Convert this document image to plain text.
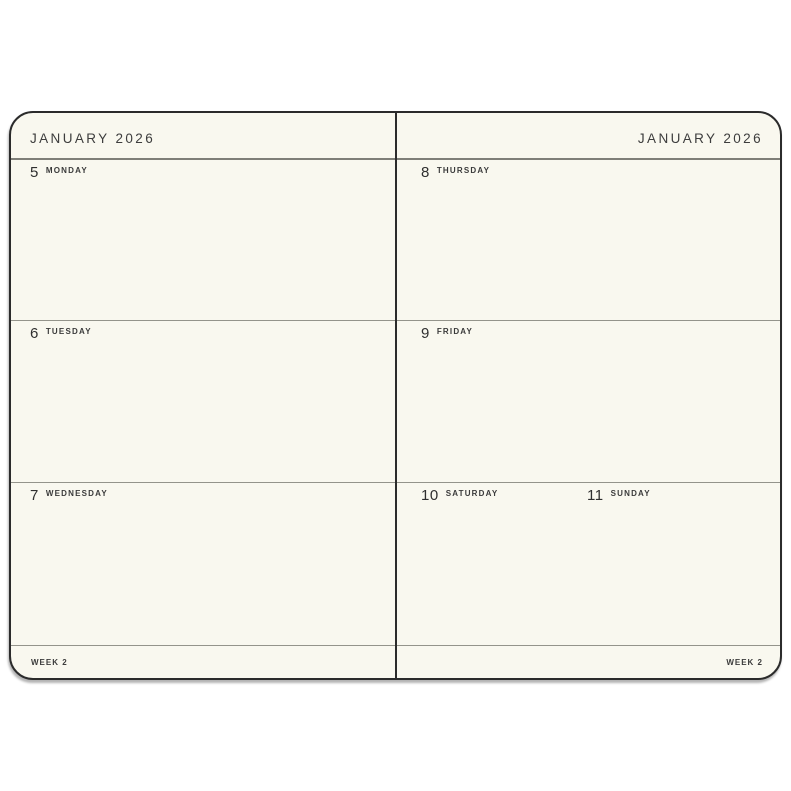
JANUARY 2026
5 MONDAY
6 TUESDAY
7 WEDNESDAY
WEEK 2
JANUARY 2026
8 THURSDAY
9 FRIDAY
10 SATURDAY	11 SUNDAY
WEEK 2
